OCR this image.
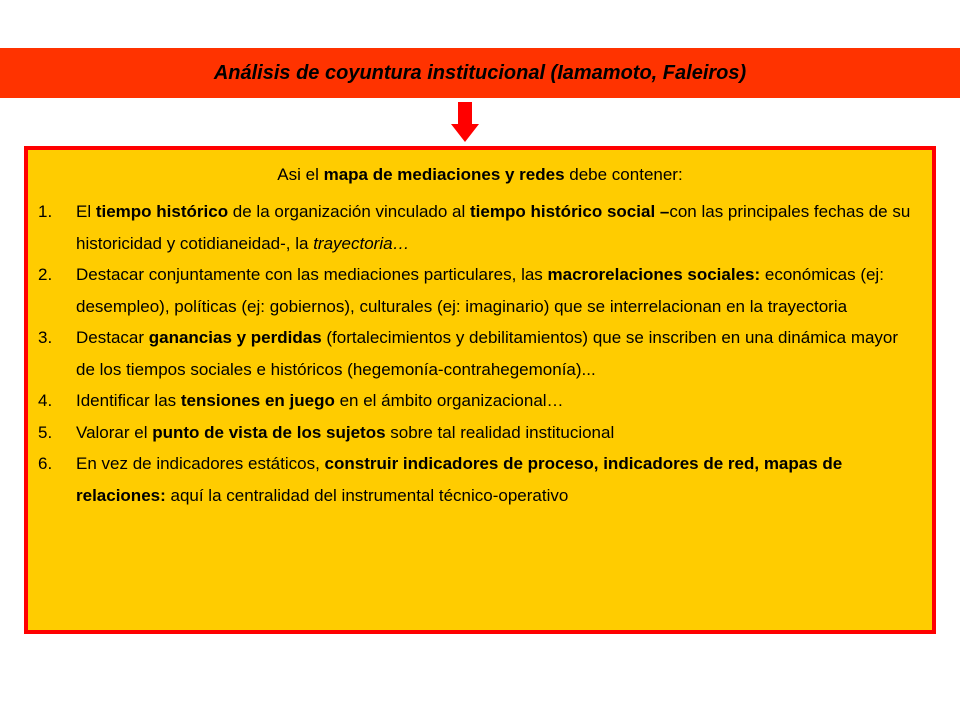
Análisis de coyuntura institucional (Iamamoto, Faleiros)
Asi el mapa de mediaciones y redes debe contener:
1. El tiempo histórico de la organización vinculado al tiempo histórico social –con las principales fechas de su historicidad y cotidianeidad-, la trayectoria…
2. Destacar conjuntamente con las mediaciones particulares, las macrorelaciones sociales: económicas (ej: desempleo), políticas (ej: gobiernos), culturales (ej: imaginario) que se interrelacionan en la trayectoria
3. Destacar ganancias y perdidas (fortalecimientos y debilitamientos) que se inscriben en una dinámica mayor de los tiempos sociales e históricos (hegemonía-contrahegemonía)...
4. Identificar las tensiones en juego en el ámbito organizacional…
5. Valorar el punto de vista de los sujetos sobre tal realidad institucional
6. En vez de indicadores estáticos, construir indicadores de proceso, indicadores de red, mapas de relaciones: aquí la centralidad del instrumental técnico-operativo
